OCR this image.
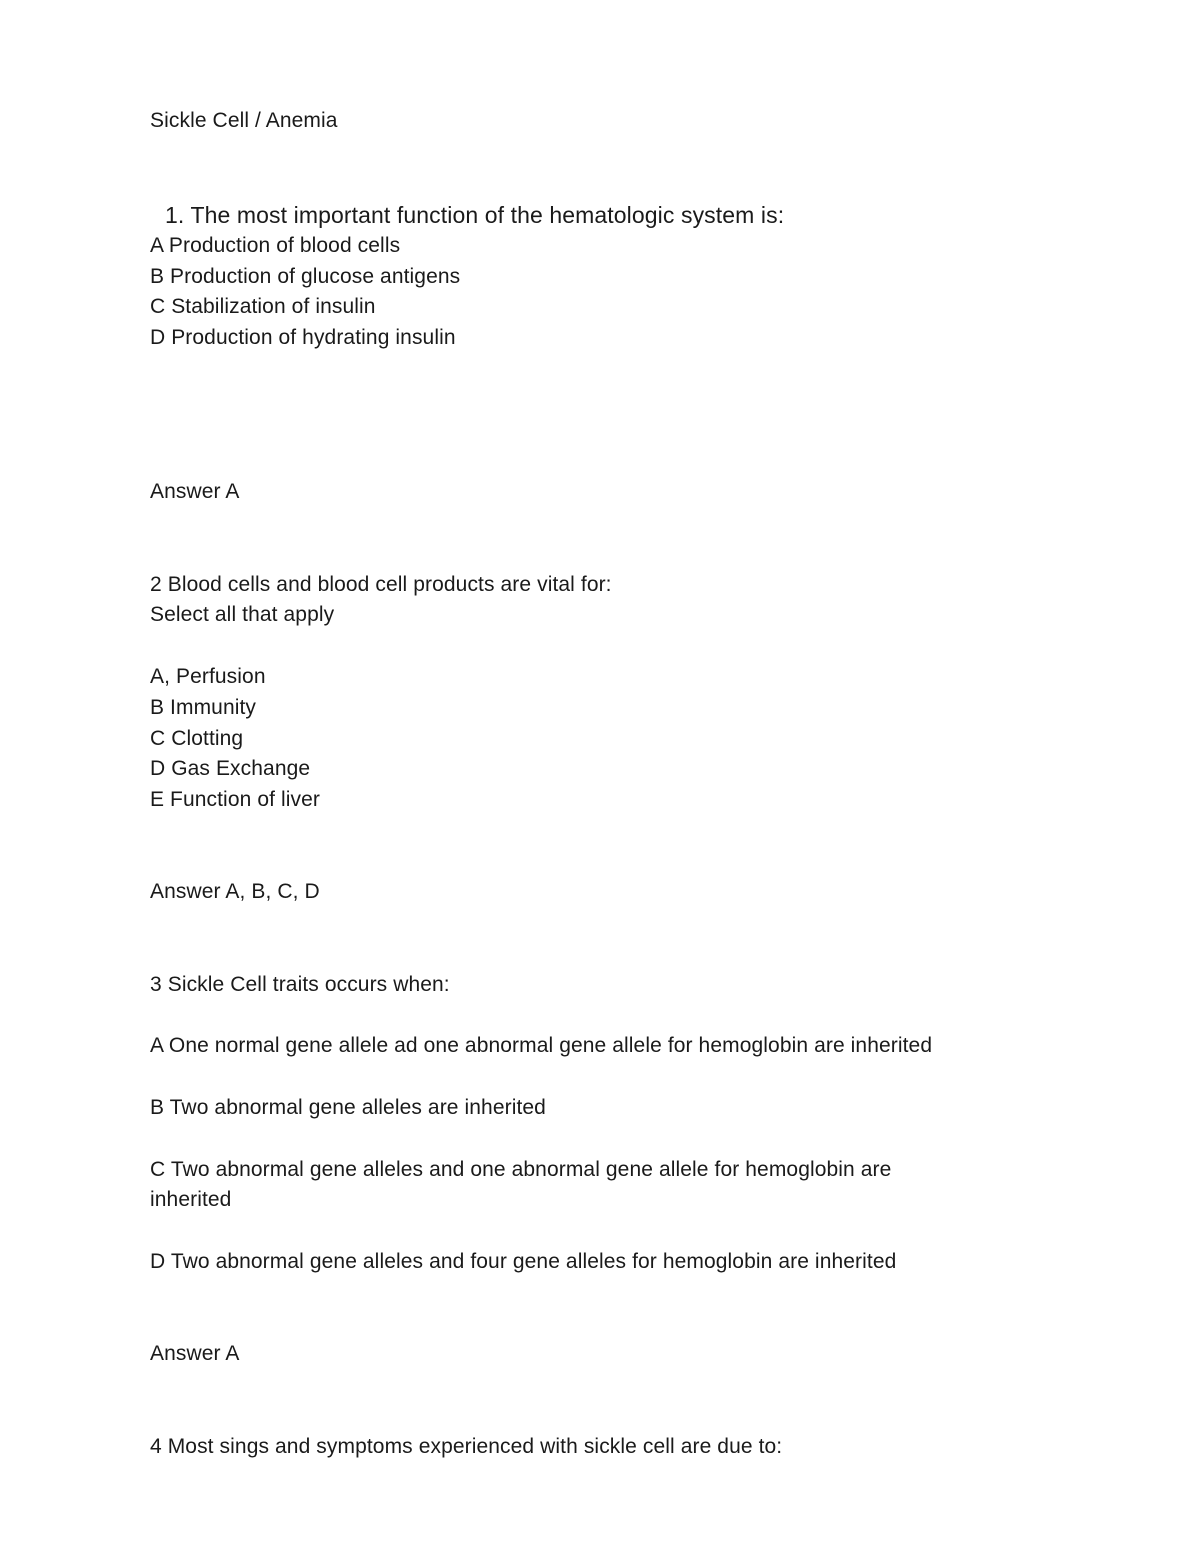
Sickle Cell / Anemia
1. The most important function of the hematologic system is:
A Production of blood cells
B Production of glucose antigens
C Stabilization of insulin
D Production of hydrating insulin
Answer A
2 Blood cells and blood cell products are vital for:
Select all that apply
A, Perfusion
B Immunity
C Clotting
D Gas Exchange
E Function of liver
Answer A, B, C, D
3 Sickle Cell traits occurs when:
A One normal gene allele ad one abnormal gene allele for hemoglobin are inherited
B Two abnormal gene alleles are inherited
C Two abnormal gene alleles and one abnormal gene allele for hemoglobin are
inherited
D Two abnormal gene alleles and four gene alleles for hemoglobin are inherited
Answer A
4 Most sings and symptoms experienced with sickle cell are due to:
